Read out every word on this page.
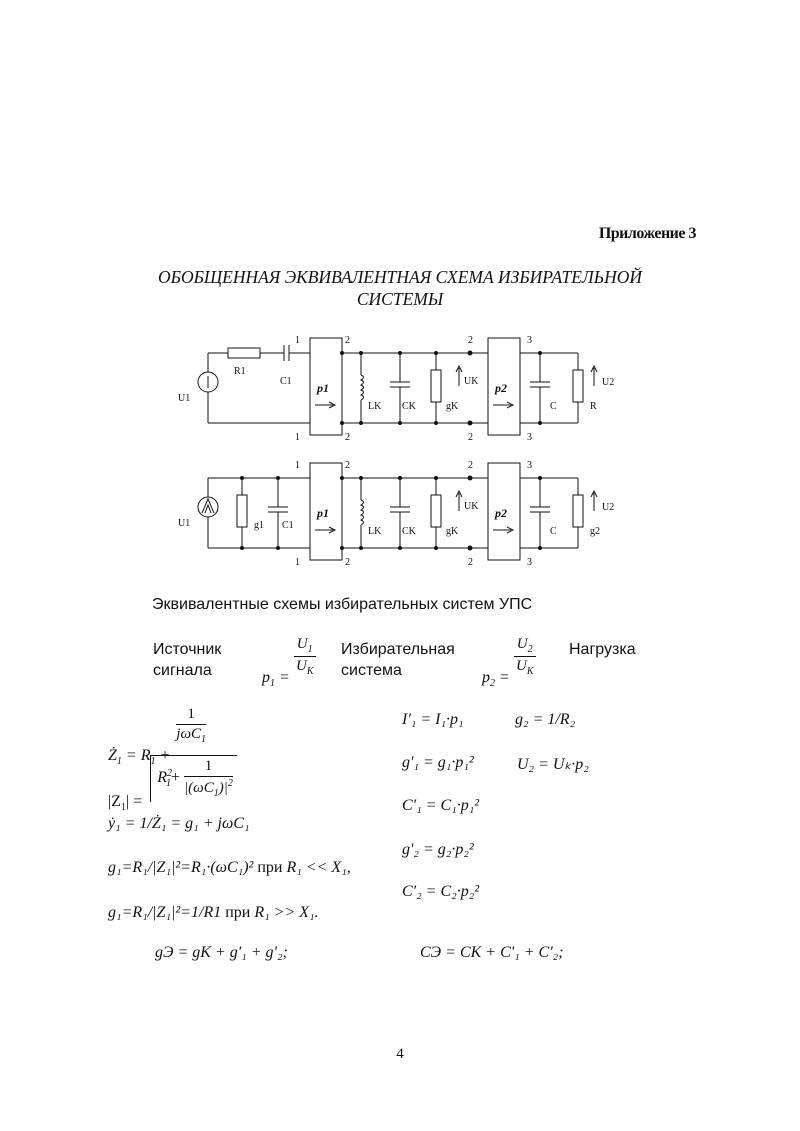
Приложение 3
ОБОБЩЕННАЯ ЭКВИВАЛЕНТНАЯ СХЕМА ИЗБИРАТЕЛЬНОЙ
СИСТЕМЫ
U1
R1
C1 p1	p2
LK CK	gK
UK
C	R
U2
1	2	2	3
1	2	2	3
U1	g1 C1
p1	p2
LK CK	gK
UK
C	g2
U2
1	2	2	3
1	2	2	3
Эквивалентные схемы избирательных систем УПС
Источник
сигнала	$p_1$ =
$\frac{U_1}{U_К}$ Избирательная
система	$p_2$ =
$\frac{U_2}{U_К}$ Нагрузка
$Ż_1 = R_1$ +
$\frac{1}{j\omega C_1}$
$|Z_1| = R^2_1+ \frac{1}{|(\omega C_1)|^2}$
ẏ₁ = 1/Ż₁ = g₁ + jωC₁
g₁=R₁/|Z₁|²=R₁·(ωC₁)² при R₁ << X₁,
g₁=R₁/|Z₁|²=1/R1 при R₁ >> X₁.
I'₁ = I₁·p₁	g₂ = 1/R₂
g'₁ = g₁·p₁²	U₂ = Uₖ·p₂
C'₁ = C₁·p₁²
g'₂ = g₂·p₂²
C'₂ = C₂·p₂²
gЭ = gK + g'₁ + g'₂;	CЭ = CK + C'₁ + C'₂;
4
